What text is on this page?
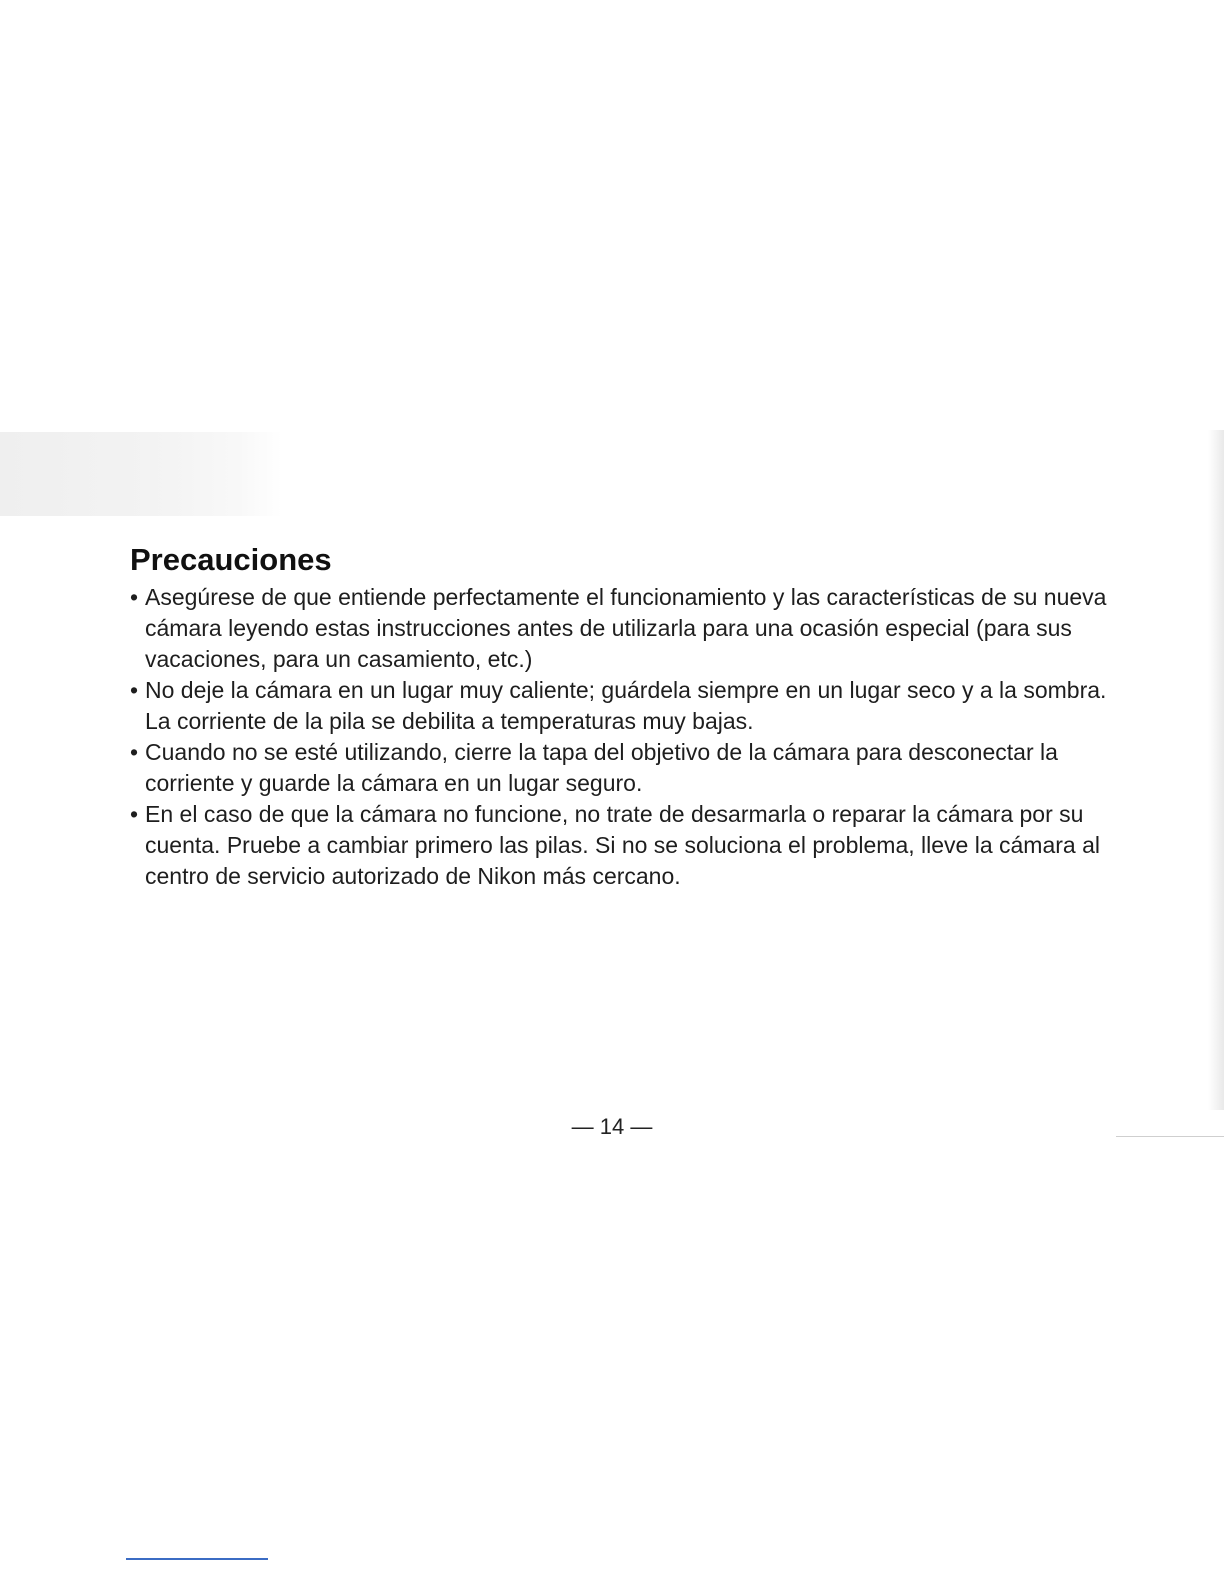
Precauciones
• Asegúrese de que entiende perfectamente el funcionamiento y las características de su nueva cámara leyendo estas instrucciones antes de utilizarla para una ocasión especial (para sus vacaciones, para un casamiento, etc.)
• No deje la cámara en un lugar muy caliente; guárdela siempre en un lugar seco y a la sombra. La corriente de la pila se debilita a temperaturas muy bajas.
• Cuando no se esté utilizando, cierre la tapa del objetivo de la cámara para desconectar la corriente y guarde la cámara en un lugar seguro.
• En el caso de que la cámara no funcione, no trate de desarmarla o reparar la cámara por su cuenta. Pruebe a cambiar primero las pilas. Si no se soluciona el problema, lleve la cámara al centro de servicio autorizado de Nikon más cercano.
— 14 —
